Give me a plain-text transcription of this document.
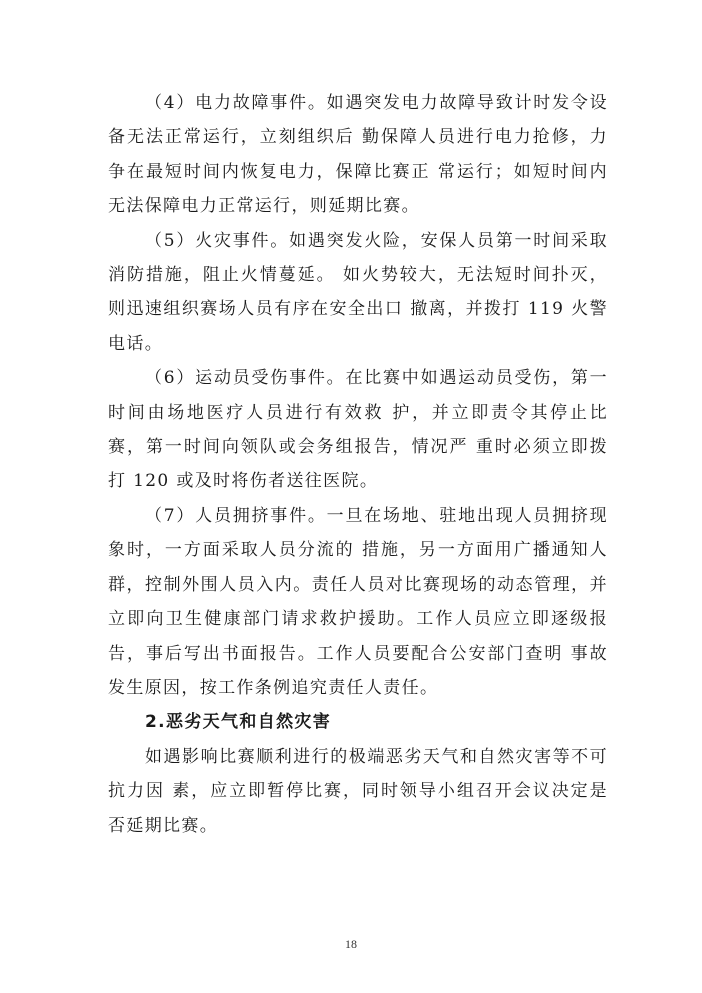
（4）电力故障事件。如遇突发电力故障导致计时发令设备无法正常运行，立刻组织后 勤保障人员进行电力抢修，力争在最短时间内恢复电力，保障比赛正 常运行；如短时间内无法保障电力正常运行，则延期比赛。

（5）火灾事件。如遇突发火险，安保人员第一时间采取消防措施，阻止火情蔓延。 如火势较大，无法短时间扑灭，则迅速组织赛场人员有序在安全出口 撤离，并拨打 119 火警电话。

（6）运动员受伤事件。在比赛中如遇运动员受伤，第一时间由场地医疗人员进行有效救 护，并立即责令其停止比赛，第一时间向领队或会务组报告，情况严 重时必须立即拨打 120 或及时将伤者送往医院。

（7）人员拥挤事件。一旦在场地、驻地出现人员拥挤现象时，一方面采取人员分流的 措施，另一方面用广播通知人群，控制外围人员入内。责任人员对比赛现场的动态管理，并立即向卫生健康部门请求救护援助。工作人员应立即逐级报告，事后写出书面报告。工作人员要配合公安部门查明 事故发生原因，按工作条例追究责任人责任。

2.恶劣天气和自然灾害

如遇影响比赛顺利进行的极端恶劣天气和自然灾害等不可抗力因 素，应立即暂停比赛，同时领导小组召开会议决定是否延期比赛。

18
